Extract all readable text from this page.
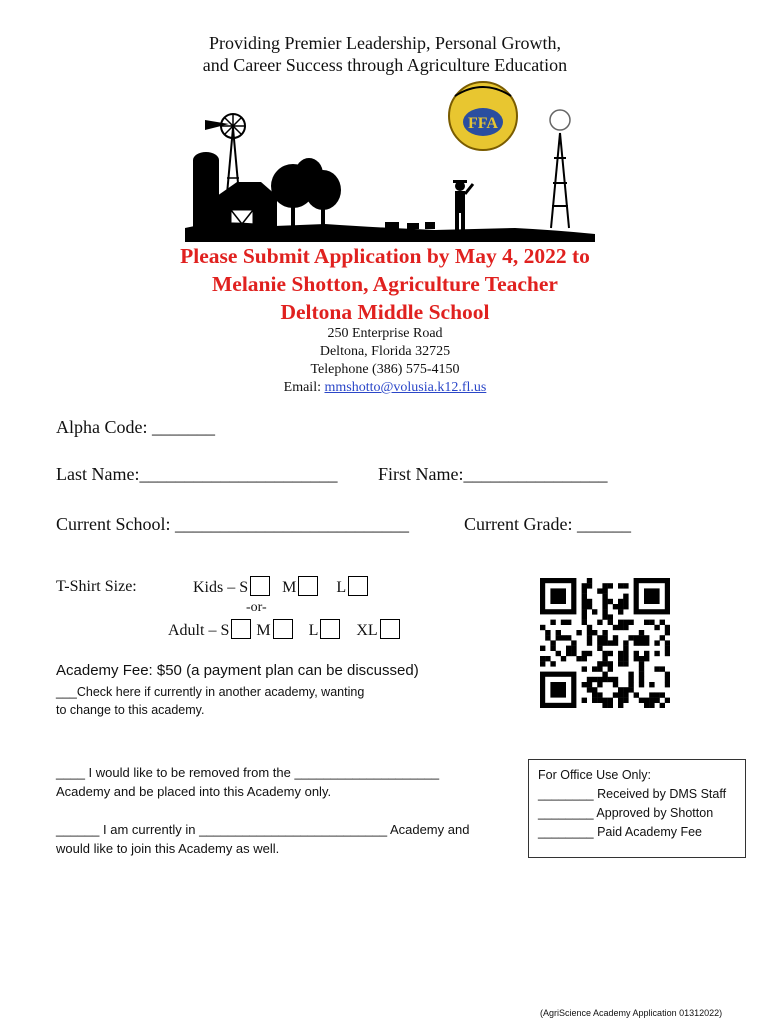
Providing Premier Leadership, Personal Growth,
and Career Success through Agriculture Education
FFA
Please Submit Application by May 4, 2022 to
Melanie Shotton, Agriculture Teacher
Deltona Middle School
250 Enterprise Road
Deltona, Florida 32725
Telephone (386) 575-4150
Email: mmshotto@volusia.k12.fl.us
Alpha Code: _______
Last Name:______________________ First Name:________________
Current School: __________________________	Current Grade: ______
T-Shirt Size:	Kids – S M	L
-or-
Adult – S M L XL
Academy Fee: $50 (a payment plan can be discussed)
___Check here if currently in another academy, wanting
to change to this academy.
____ I would like to be removed from the ____________________
Academy and be placed into this Academy only.
______ I am currently in __________________________ Academy and
would like to join this Academy as well.
For Office Use Only:
________ Received by DMS Staff
________ Approved by Shotton
________ Paid Academy Fee
(AgriScience Academy Application 01312022)
